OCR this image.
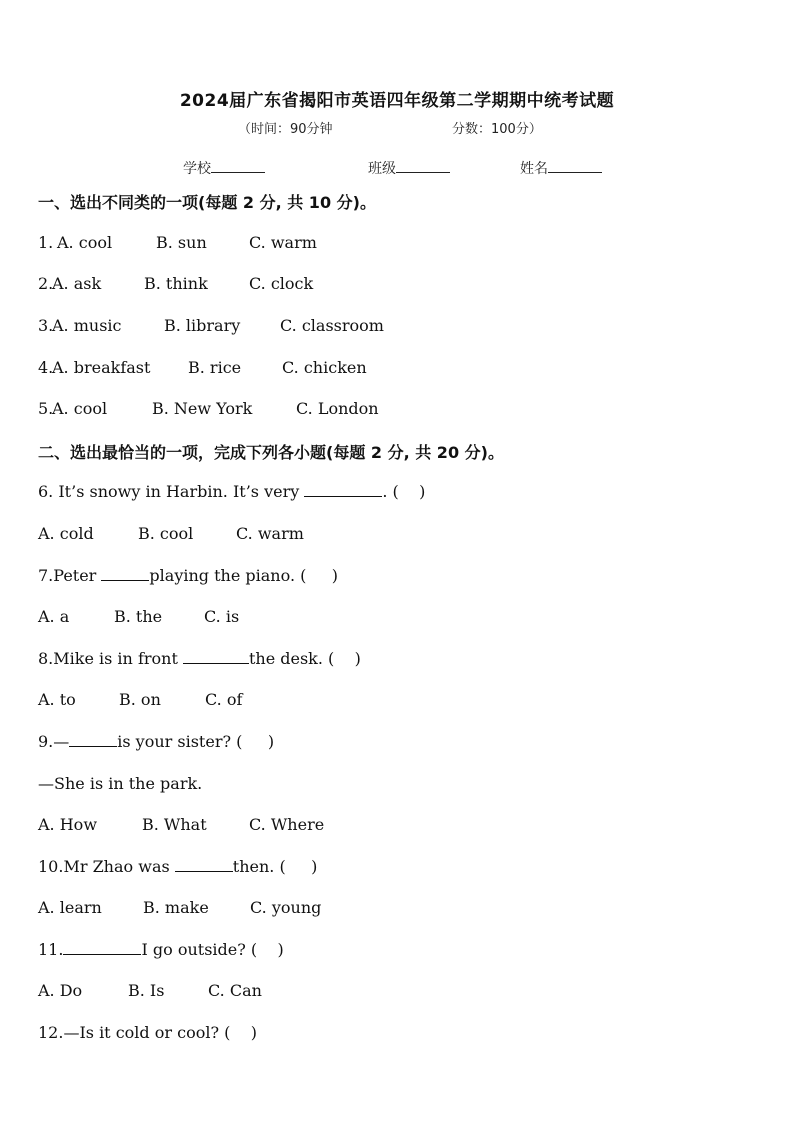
2024届广东省揭阳市英语四年级第二学期期中统考试题
（时间：90分钟	分数：100分）
学校	班级	姓名
一、选出不同类的一项(每题 2 分, 共 10 分)。
1. A. cool	B. sun	C. warm
2.
A. ask	B. think	C. clock
3.
A. music	B. library C. classroom
4.
A. breakfast B. rice	C. chicken
5.
A. cool	B. New York	C. London
二、选出最恰当的一项，完成下列各小题(每题 2 分, 共 20 分)。
6. It’s snowy in Harbin. It’s very	. (    )
A. cold	B. cool	C. warm
7.Peter	playing the piano. (     )
A. a	B. the	C. is
8.Mike is in front	the desk. (    )
A. to	B. on	C. of
9.—	is your sister? (     )
—She is in the park.
A. How	B. What	C. Where
10.Mr Zhao was	then. (     )
A. learn	B. make	C. young
11.	I go outside? (    )
A. Do	B. Is	C. Can
12.—Is it cold or cool? (    )
